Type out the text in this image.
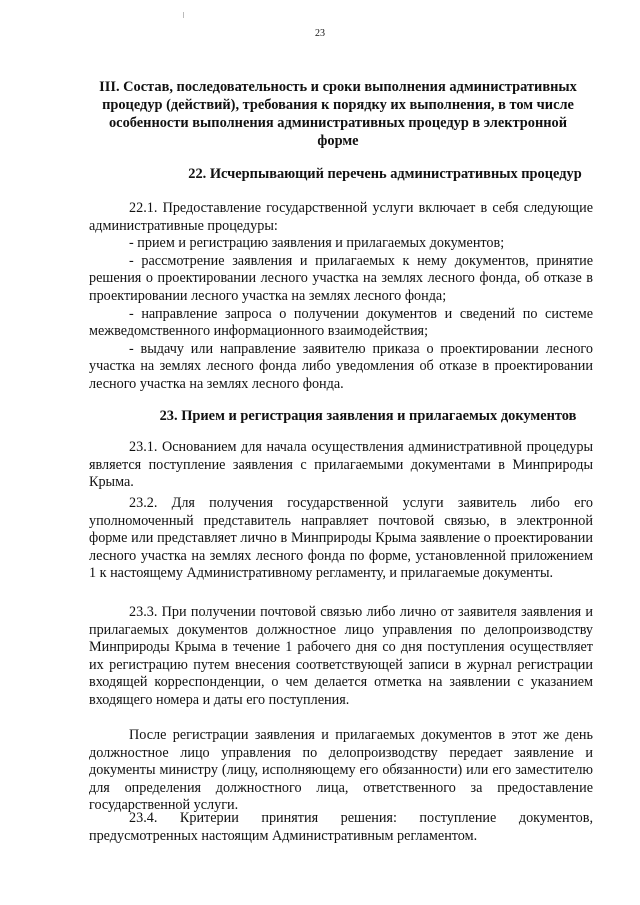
23
III. Состав, последовательность и сроки выполнения административных процедур (действий), требования к порядку их выполнения, в том числе особенности выполнения административных процедур в электронной форме
22. Исчерпывающий перечень административных процедур

22.1. Предоставление государственной услуги включает в себя следующие административные процедуры:

- прием и регистрацию заявления и прилагаемых документов;

- рассмотрение заявления и прилагаемых к нему документов, принятие решения о проектировании лесного участка на землях лесного фонда, об отказе в проектировании лесного участка на землях лесного фонда;

- направление запроса о получении документов и сведений по системе межведомственного информационного взаимодействия;

- выдачу или направление заявителю приказа о проектировании лесного участка на землях лесного фонда либо уведомления об отказе в проектировании лесного участка на землях лесного фонда.

23. Прием и регистрация заявления и прилагаемых документов

23.1. Основанием для начала осуществления административной процедуры является поступление заявления с прилагаемыми документами в Минприроды Крыма.

23.2. Для получения государственной услуги заявитель либо его уполномоченный представитель направляет почтовой связью, в электронной форме или представляет лично в Минприроды Крыма заявление о проектировании лесного участка на землях лесного фонда по форме, установленной приложением 1 к настоящему Административному регламенту, и прилагаемые документы.

23.3. При получении почтовой связью либо лично от заявителя заявления и прилагаемых документов должностное лицо управления по делопроизводству Минприроды Крыма в течение 1 рабочего дня со дня поступления осуществляет их регистрацию путем внесения соответствующей записи в журнал регистрации входящей корреспонденции, о чем делается отметка на заявлении с указанием входящего номера и даты его поступления.

После регистрации заявления и прилагаемых документов в этот же день должностное лицо управления по делопроизводству передает заявление и документы министру (лицу, исполняющему его обязанности) или его заместителю для определения должностного лица, ответственного за предоставление государственной услуги.

23.4. Критерии принятия решения: поступление документов, предусмотренных настоящим Административным регламентом.
